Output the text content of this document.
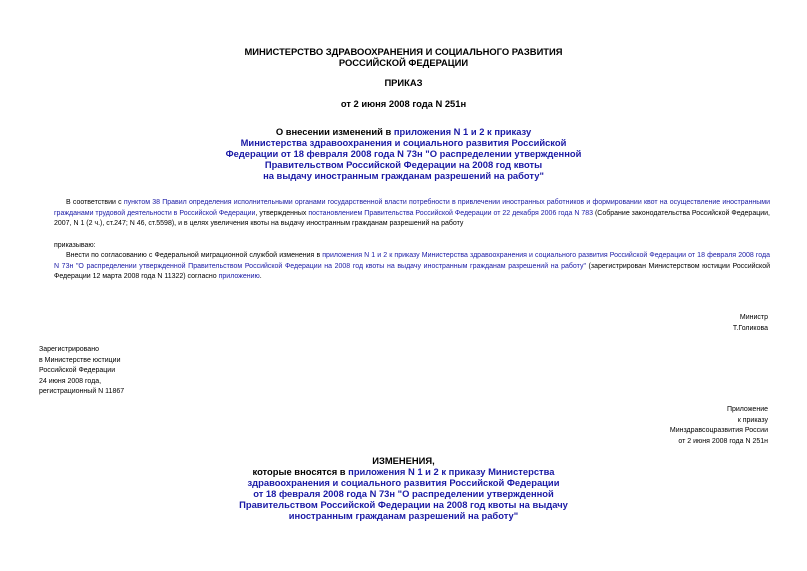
МИНИСТЕРСТВО ЗДРАВООХРАНЕНИЯ И СОЦИАЛЬНОГО РАЗВИТИЯ
РОССИЙСКОЙ ФЕДЕРАЦИИ
ПРИКАЗ
от 2 июня 2008 года N 251н
О внесении изменений в приложения N 1 и 2 к приказу
Министерства здравоохранения и социального развития Российской
Федерации от 18 февраля 2008 года N 73н "О распределении утвержденной
Правительством Российской Федерации на 2008 год квоты
на выдачу иностранным гражданам разрешений на работу"
В соответствии с пунктом 38 Правил определения исполнительными органами государственной власти потребности в привлечении иностранных работников и формировании квот на осуществление иностранными гражданами трудовой деятельности в Российской Федерации, утвержденных постановлением Правительства Российской Федерации от 22 декабря 2006 года N 783 (Собрание законодательства Российской Федерации, 2007, N 1 (2 ч.), ст.247; N 46, ст.5598), и в целях увеличения квоты на выдачу иностранным гражданам разрешений на работу
приказываю:
Внести по согласованию с Федеральной миграционной службой изменения в приложения N 1 и 2 к приказу Министерства здравоохранения и социального развития Российской Федерации от 18 февраля 2008 года N 73н "О распределении утвержденной Правительством Российской Федерации на 2008 год квоты на выдачу иностранным гражданам разрешений на работу" (зарегистрирован Министерством юстиции Российской Федерации 12 марта 2008 года N 11322) согласно приложению.
Министр
Т.Голикова
Зарегистрировано
в Министерстве юстиции
Российской Федерации
24 июня 2008 года,
регистрационный N 11867
Приложение
к приказу
Минздравсоцразвития России
от 2 июня 2008 года N 251н
ИЗМЕНЕНИЯ,
которые вносятся в приложения N 1 и 2 к приказу Министерства
здравоохранения и социального развития Российской Федерации
от 18 февраля 2008 года N 73н "О распределении утвержденной
Правительством Российской Федерации на 2008 год квоты на выдачу
иностранным гражданам разрешений на работу"
